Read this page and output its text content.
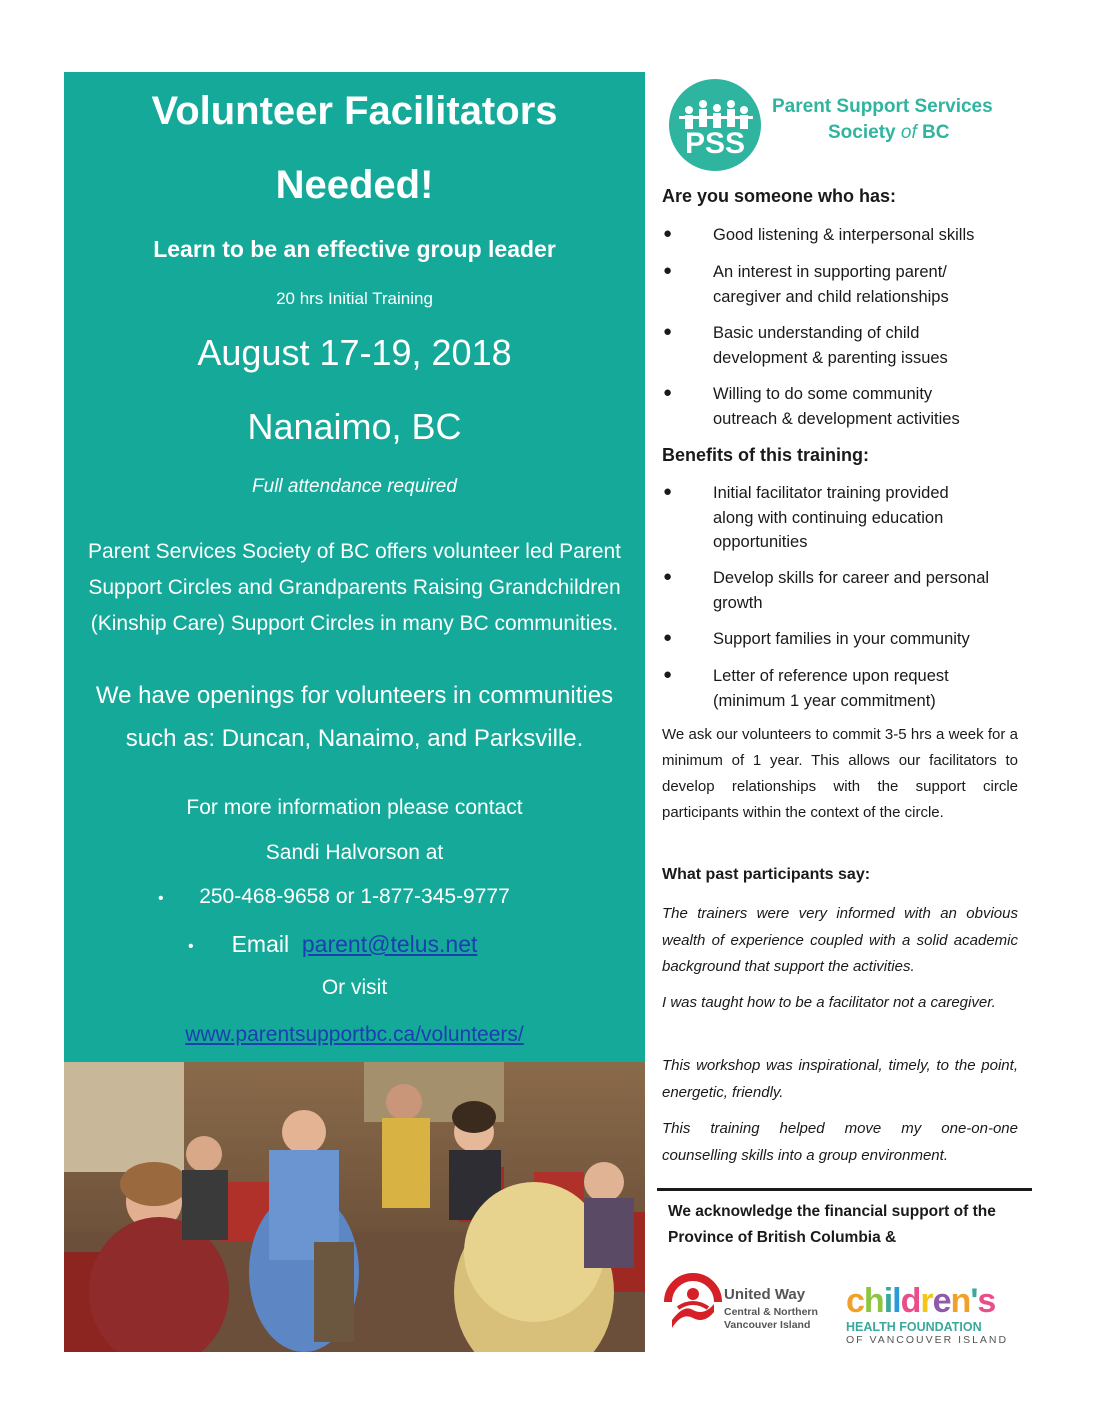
Volunteer Facilitators
Needed!
Learn to be an effective group leader
20 hrs Initial Training
August 17-19, 2018
Nanaimo, BC
Full attendance required
Parent Services Society of BC offers volunteer led Parent
Support Circles and Grandparents Raising Grandchildren
(Kinship Care) Support Circles in many BC communities.
We have openings for volunteers in communities
such as: Duncan, Nanaimo, and Parksville.
For more information please contact
Sandi Halvorson at
•	250-468-9658 or 1-877-345-9777
•	Email parent@telus.net
Or visit
www.parentsupportbc.ca/volunteers/
PSS
Parent Support Services
Society of BC
Are you someone who has:
● Good listening & interpersonal skills
● An interest in supporting parent/
caregiver and child relationships
● Basic understanding of child
development & parenting issues
● Willing to do some community
outreach & development activities
Benefits of this training:
● Initial facilitator training provided
along with continuing education
opportunities
● Develop skills for career and personal
growth
● Support families in your community
● Letter of reference upon request
(minimum 1 year commitment)
We ask our volunteers to commit 3-5 hrs a week for a minimum of 1 year. This allows our facilitators to develop relationships with the support circle participants within the context of the circle.
What past participants say:
The trainers were very informed with an obvious wealth of experience coupled with a solid academic background that support the activities.
I was taught how to be a facilitator not a caregiver.
This workshop was inspirational, timely, to the point, energetic, friendly.
This training helped move my one-on-one counselling skills into a group environment.
We acknowledge the financial support of the
Province of British Columbia &
United Way
Central & Northern
Vancouver Island
children's
HEALTH FOUNDATION
OF VANCOUVER ISLAND
